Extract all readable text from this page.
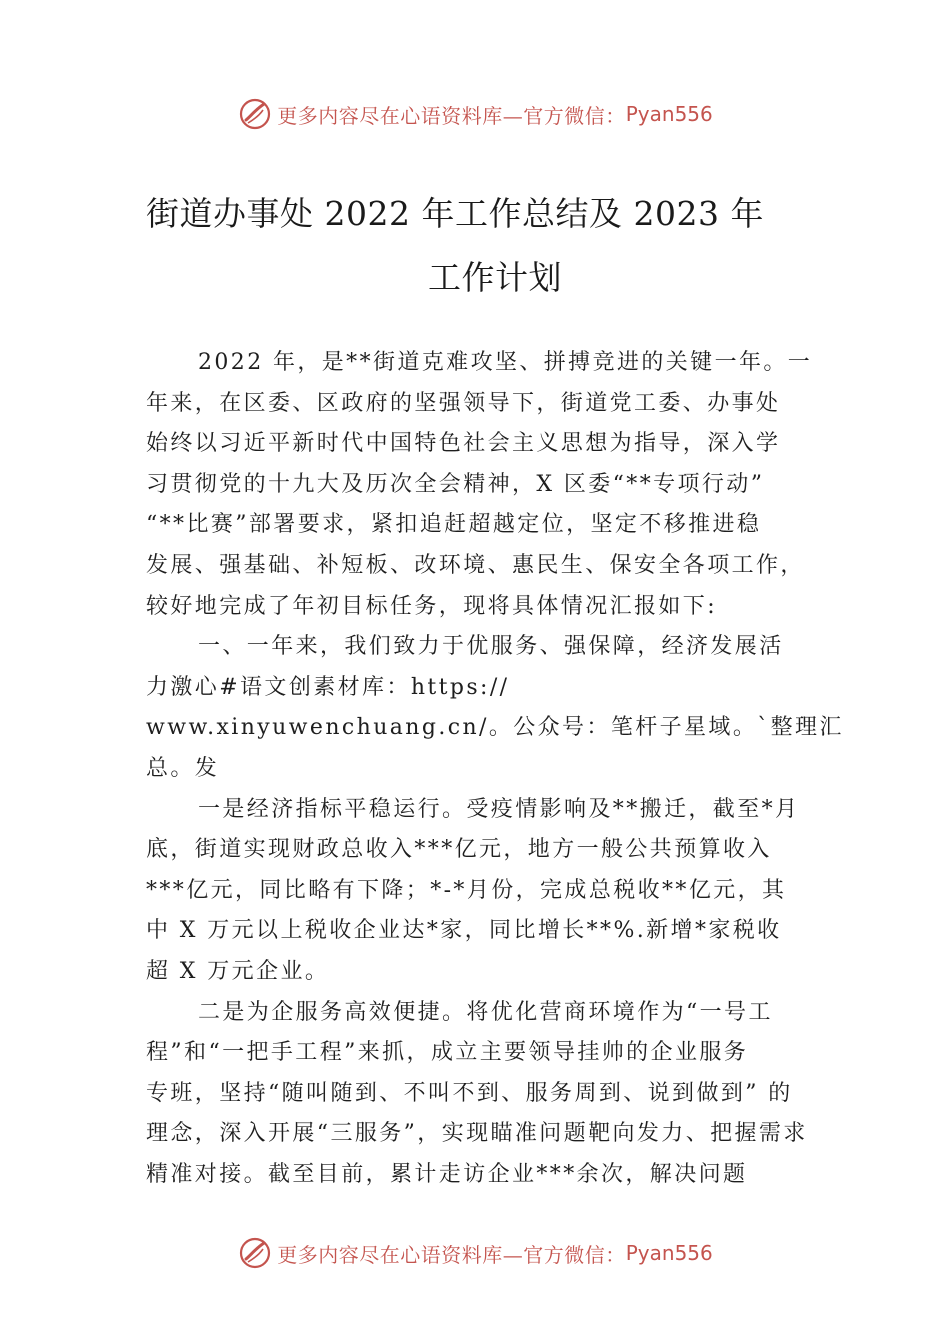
更多内容尽在心语资料库—官方微信： Pyan556
街道办事处 2022 年工作总结及 2023 年
工作计划
2022 年，是**街道克难攻坚、拼搏竞进的关键一年。一
年来，在区委、区政府的坚强领导下，街道党工委、办事处
始终以习近平新时代中国特色社会主义思想为指导，深入学
习贯彻党的十九大及历次全会精神，X 区委“**专项行动”
“**比赛”部署要求，紧扣追赶超越定位，坚定不移推进稳
发展、强基础、补短板、改环境、惠民生、保安全各项工作，
较好地完成了年初目标任务，现将具体情况汇报如下:
一、一年来，我们致力于优服务、强保障，经济发展活
力激心#语文创素材库：https://
www.xinyuwenchuang.cn/。公众号：笔杆子星域。`整理汇
总。发
一是经济指标平稳运行。受疫情影响及**搬迁，截至*月
底，街道实现财政总收入***亿元，地方一般公共预算收入
***亿元，同比略有下降；*-*月份，完成总税收**亿元，其
中 X 万元以上税收企业达*家，同比增长**%.新增*家税收
超 X 万元企业。
二是为企服务高效便捷。将优化营商环境作为“一号工
程”和“一把手工程”来抓，成立主要领导挂帅的企业服务
专班，坚持“随叫随到、不叫不到、服务周到、说到做到” 的
理念，深入开展“三服务”，实现瞄准问题靶向发力、把握需求
精准对接。截至目前，累计走访企业***余次，解决问题
更多内容尽在心语资料库—官方微信： Pyan556
